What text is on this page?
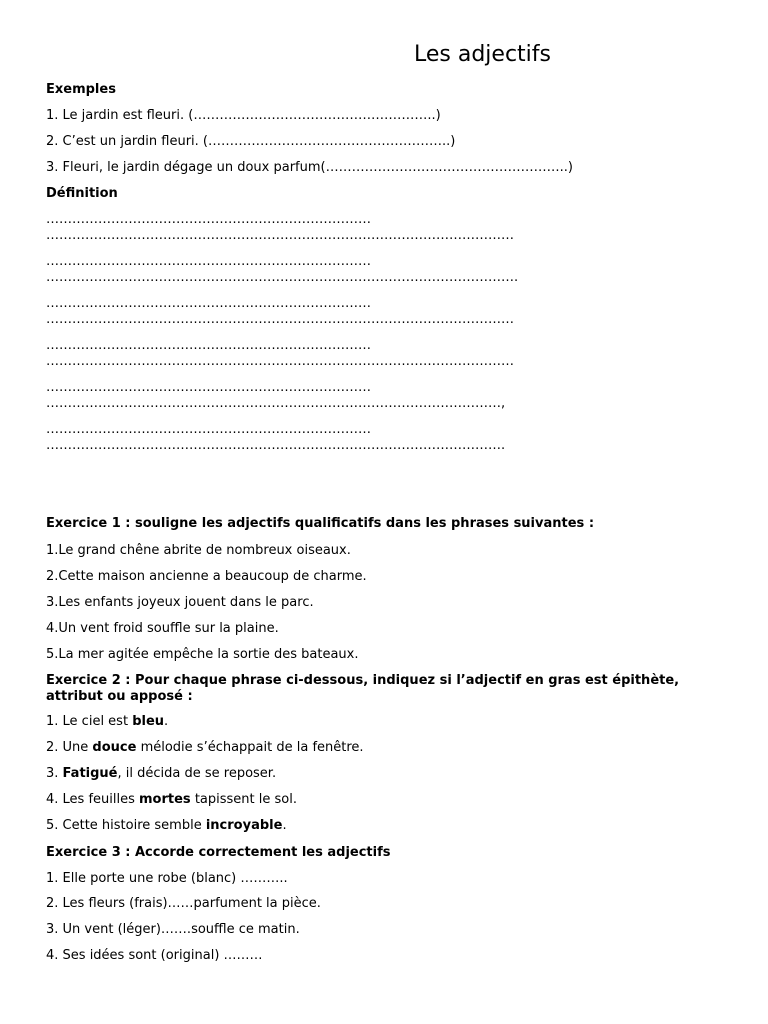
Les adjectifs

Exemples

1. Le jardin est fleuri. (………………………………………………..)

2. C’est un jardin fleuri. (………………………………………………..)

3. Fleuri, le jardin dégage un doux parfum(………………………………………………..)

Définition

…………………………………………………………………

………………………………………………………………………………………………

…………………………………………………………………

……………………………………………………………………………………………….

…………………………………………………………………

………………………………………………………………………………………………

…………………………………………………………………

………………………………………………………………………………………………

…………………………………………………………………

……………………………………………………………………………………………,

…………………………………………………………………

…………………………………………………………………………………………….

Exercice 1 : souligne les adjectifs qualificatifs dans les phrases suivantes :

1.Le grand chêne abrite de nombreux oiseaux.

2.Cette maison ancienne a beaucoup de charme.

3.Les enfants joyeux jouent dans le parc.

4.Un vent froid souffle sur la plaine.

5.La mer agitée empêche la sortie des bateaux.

Exercice 2 : Pour chaque phrase ci-dessous, indiquez si l’adjectif en gras est épithète, attribut ou apposé :

1. Le ciel est bleu.

2. Une douce mélodie s’échappait de la fenêtre.

3. Fatigué, il décida de se reposer.

4. Les feuilles mortes tapissent le sol.

5. Cette histoire semble incroyable.

Exercice 3 : Accorde correctement les adjectifs

1. Elle porte une robe (blanc) ………..

2. Les fleurs (frais)……parfument la pièce.

3. Un vent (léger)…….souffle ce matin.

4. Ses idées sont (original) ………
